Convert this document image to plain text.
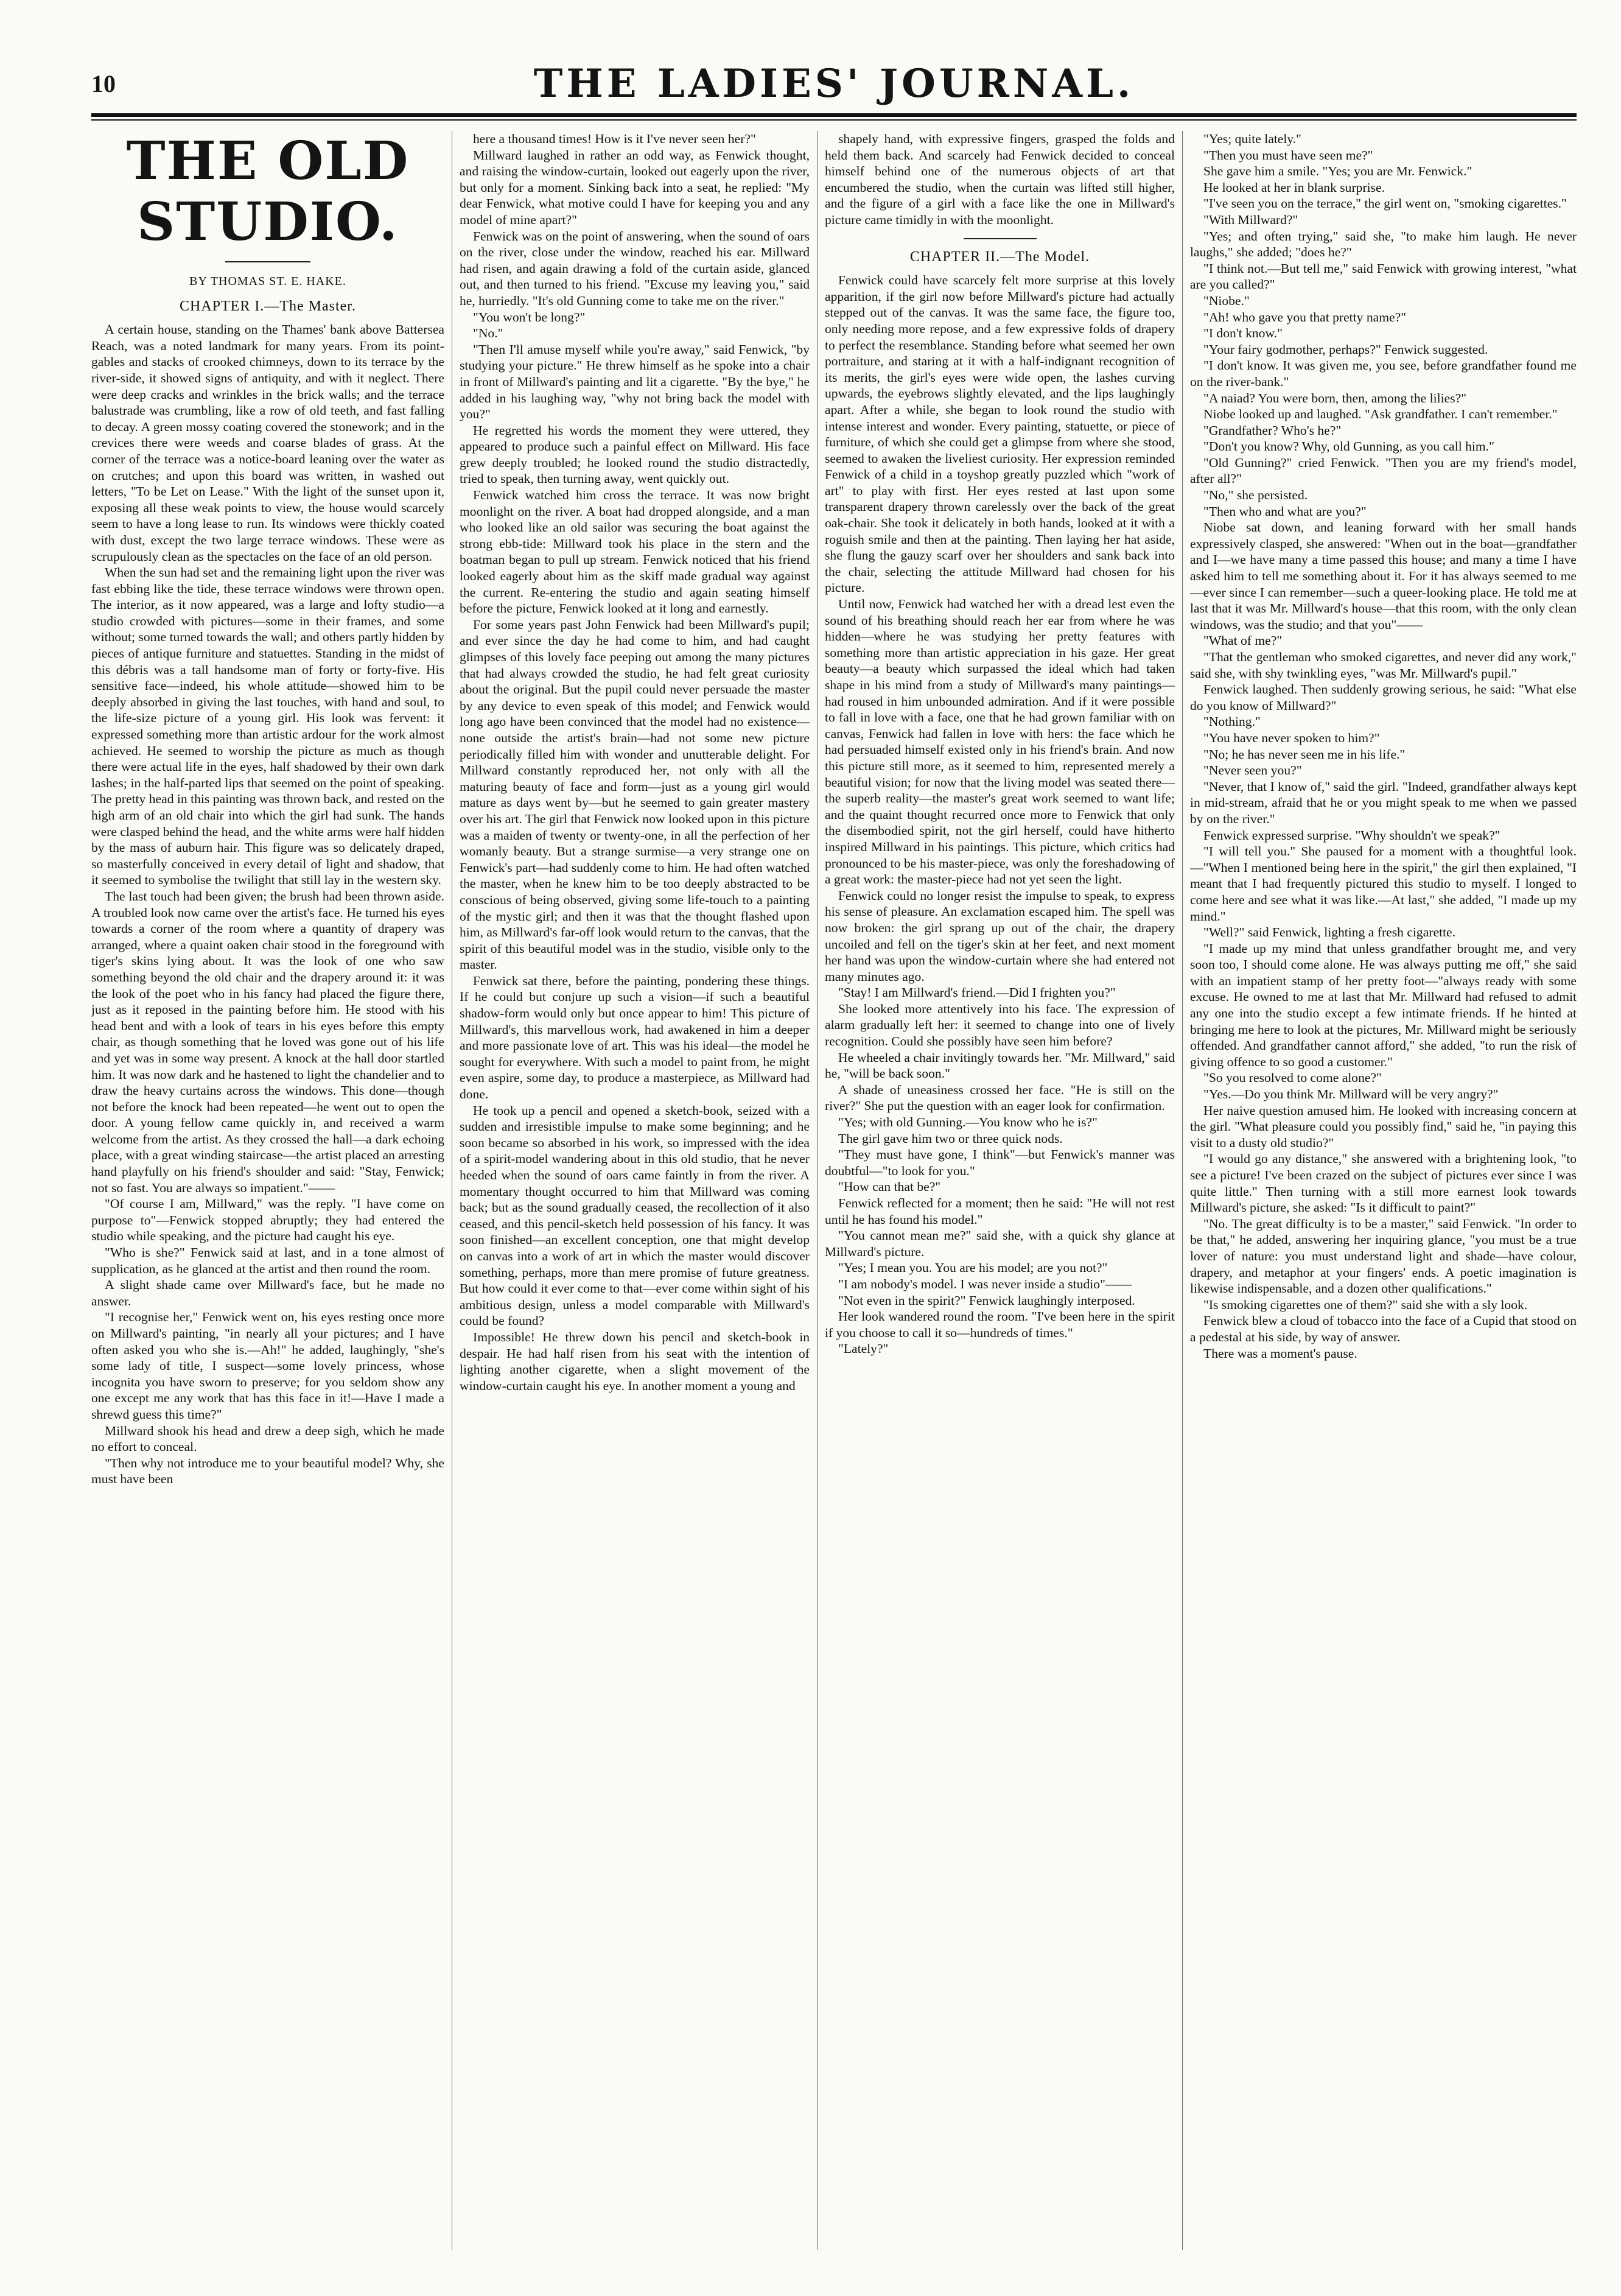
10	THE LADIES' JOURNAL.
THE OLD STUDIO.
BY THOMAS ST. E. HAKE.
CHAPTER I.—The Master.

A certain house, standing on the Thames' bank above Battersea Reach, was a noted landmark for many years. From its point-gables and stacks of crooked chimneys, down to its terrace by the river-side, it showed signs of antiquity, and with it neglect. There were deep cracks and wrinkles in the brick walls; and the terrace balustrade was crumbling, like a row of old teeth, and fast falling to decay. A green mossy coating covered the stonework; and in the crevices there were weeds and coarse blades of grass. At the corner of the terrace was a notice-board leaning over the water as on crutches; and upon this board was written, in washed out letters, "To be Let on Lease." With the light of the sunset upon it, exposing all these weak points to view, the house would scarcely seem to have a long lease to run. Its windows were thickly coated with dust, except the two large terrace windows. These were as scrupulously clean as the spectacles on the face of an old person.

When the sun had set and the remaining light upon the river was fast ebbing like the tide, these terrace windows were thrown open. The interior, as it now appeared, was a large and lofty studio—a studio crowded with pictures—some in their frames, and some without; some turned towards the wall; and others partly hidden by pieces of antique furniture and statuettes. Standing in the midst of this débris was a tall handsome man of forty or forty-five. His sensitive face—indeed, his whole attitude—showed him to be deeply absorbed in giving the last touches, with hand and soul, to the life-size picture of a young girl. His look was fervent: it expressed something more than artistic ardour for the work almost achieved. He seemed to worship the picture as much as though there were actual life in the eyes, half shadowed by their own dark lashes; in the half-parted lips that seemed on the point of speaking. The pretty head in this painting was thrown back, and rested on the high arm of an old chair into which the girl had sunk. The hands were clasped behind the head, and the white arms were half hidden by the mass of auburn hair. This figure was so delicately draped, so masterfully conceived in every detail of light and shadow, that it seemed to symbolise the twilight that still lay in the western sky.

The last touch had been given; the brush had been thrown aside. A troubled look now came over the artist's face. He turned his eyes towards a corner of the room where a quantity of drapery was arranged, where a quaint oaken chair stood in the foreground with tiger's skins lying about. It was the look of one who saw something beyond the old chair and the drapery around it: it was the look of the poet who in his fancy had placed the figure there, just as it reposed in the painting before him. He stood with his head bent and with a look of tears in his eyes before this empty chair, as though something that he loved was gone out of his life and yet was in some way present. A knock at the hall door startled him. It was now dark and he hastened to light the chandelier and to draw the heavy curtains across the windows. This done—though not before the knock had been repeated—he went out to open the door. A young fellow came quickly in, and received a warm welcome from the artist. As they crossed the hall—a dark echoing place, with a great winding staircase—the artist placed an arresting hand playfully on his friend's shoulder and said: "Stay, Fenwick; not so fast. You are always so impatient."——

"Of course I am, Millward," was the reply. "I have come on purpose to"—Fenwick stopped abruptly; they had entered the studio while speaking, and the picture had caught his eye.

"Who is she?" Fenwick said at last, and in a tone almost of supplication, as he glanced at the artist and then round the room.

A slight shade came over Millward's face, but he made no answer.

"I recognise her," Fenwick went on, his eyes resting once more on Millward's painting, "in nearly all your pictures; and I have often asked you who she is.—Ah!" he added, laughingly, "she's some lady of title, I suspect—some lovely princess, whose incognita you have sworn to preserve; for you seldom show any one except me any work that has this face in it!—Have I made a shrewd guess this time?"

Millward shook his head and drew a deep sigh, which he made no effort to conceal.

"Then why not introduce me to your beautiful model? Why, she must have been

here a thousand times! How is it I've never seen her?"

Millward laughed in rather an odd way, as Fenwick thought, and raising the window-curtain, looked out eagerly upon the river, but only for a moment. Sinking back into a seat, he replied: "My dear Fenwick, what motive could I have for keeping you and any model of mine apart?"

Fenwick was on the point of answering, when the sound of oars on the river, close under the window, reached his ear. Millward had risen, and again drawing a fold of the curtain aside, glanced out, and then turned to his friend. "Excuse my leaving you," said he, hurriedly. "It's old Gunning come to take me on the river."

"You won't be long?"

"No."

"Then I'll amuse myself while you're away," said Fenwick, "by studying your picture." He threw himself as he spoke into a chair in front of Millward's painting and lit a cigarette. "By the bye," he added in his laughing way, "why not bring back the model with you?"

He regretted his words the moment they were uttered, they appeared to produce such a painful effect on Millward. His face grew deeply troubled; he looked round the studio distractedly, tried to speak, then turning away, went quickly out.

Fenwick watched him cross the terrace. It was now bright moonlight on the river. A boat had dropped alongside, and a man who looked like an old sailor was securing the boat against the strong ebb-tide: Millward took his place in the stern and the boatman began to pull up stream. Fenwick noticed that his friend looked eagerly about him as the skiff made gradual way against the current. Re-entering the studio and again seating himself before the picture, Fenwick looked at it long and earnestly.

For some years past John Fenwick had been Millward's pupil; and ever since the day he had come to him, and had caught glimpses of this lovely face peeping out among the many pictures that had always crowded the studio, he had felt great curiosity about the original. But the pupil could never persuade the master by any device to even speak of this model; and Fenwick would long ago have been convinced that the model had no existence—none outside the artist's brain—had not some new picture periodically filled him with wonder and unutterable delight. For Millward constantly reproduced her, not only with all the maturing beauty of face and form—just as a young girl would mature as days went by—but he seemed to gain greater mastery over his art. The girl that Fenwick now looked upon in this picture was a maiden of twenty or twenty-one, in all the perfection of her womanly beauty. But a strange surmise—a very strange one on Fenwick's part—had suddenly come to him. He had often watched the master, when he knew him to be too deeply abstracted to be conscious of being observed, giving some life-touch to a painting of the mystic girl; and then it was that the thought flashed upon him, as Millward's far-off look would return to the canvas, that the spirit of this beautiful model was in the studio, visible only to the master.

Fenwick sat there, before the painting, pondering these things. If he could but conjure up such a vision—if such a beautiful shadow-form would only but once appear to him! This picture of Millward's, this marvellous work, had awakened in him a deeper and more passionate love of art. This was his ideal—the model he sought for everywhere. With such a model to paint from, he might even aspire, some day, to produce a masterpiece, as Millward had done.

He took up a pencil and opened a sketch-book, seized with a sudden and irresistible impulse to make some beginning; and he soon became so absorbed in his work, so impressed with the idea of a spirit-model wandering about in this old studio, that he never heeded when the sound of oars came faintly in from the river. A momentary thought occurred to him that Millward was coming back; but as the sound gradually ceased, the recollection of it also ceased, and this pencil-sketch held possession of his fancy. It was soon finished—an excellent conception, one that might develop on canvas into a work of art in which the master would discover something, perhaps, more than mere promise of future greatness. But how could it ever come to that—ever come within sight of his ambitious design, unless a model comparable with Millward's could be found?

Impossible! He threw down his pencil and sketch-book in despair. He had half risen from his seat with the intention of lighting another cigarette, when a slight movement of the window-curtain caught his eye. In another moment a young and

shapely hand, with expressive fingers, grasped the folds and held them back. And scarcely had Fenwick decided to conceal himself behind one of the numerous objects of art that encumbered the studio, when the curtain was lifted still higher, and the figure of a girl with a face like the one in Millward's picture came timidly in with the moonlight.

CHAPTER II.—The Model.

Fenwick could have scarcely felt more surprise at this lovely apparition, if the girl now before Millward's picture had actually stepped out of the canvas. It was the same face, the figure too, only needing more repose, and a few expressive folds of drapery to perfect the resemblance. Standing before what seemed her own portraiture, and staring at it with a half-indignant recognition of its merits, the girl's eyes were wide open, the lashes curving upwards, the eyebrows slightly elevated, and the lips laughingly apart. After a while, she began to look round the studio with intense interest and wonder. Every painting, statuette, or piece of furniture, of which she could get a glimpse from where she stood, seemed to awaken the liveliest curiosity. Her expression reminded Fenwick of a child in a toyshop greatly puzzled which "work of art" to play with first. Her eyes rested at last upon some transparent drapery thrown carelessly over the back of the great oak-chair. She took it delicately in both hands, looked at it with a roguish smile and then at the painting. Then laying her hat aside, she flung the gauzy scarf over her shoulders and sank back into the chair, selecting the attitude Millward had chosen for his picture.

Until now, Fenwick had watched her with a dread lest even the sound of his breathing should reach her ear from where he was hidden—where he was studying her pretty features with something more than artistic appreciation in his gaze. Her great beauty—a beauty which surpassed the ideal which had taken shape in his mind from a study of Millward's many paintings—had roused in him unbounded admiration. And if it were possible to fall in love with a face, one that he had grown familiar with on canvas, Fenwick had fallen in love with hers: the face which he had persuaded himself existed only in his friend's brain. And now this picture still more, as it seemed to him, represented merely a beautiful vision; for now that the living model was seated there—the superb reality—the master's great work seemed to want life; and the quaint thought recurred once more to Fenwick that only the disembodied spirit, not the girl herself, could have hitherto inspired Millward in his paintings. This picture, which critics had pronounced to be his master-piece, was only the foreshadowing of a great work: the master-piece had not yet seen the light.

Fenwick could no longer resist the impulse to speak, to express his sense of pleasure. An exclamation escaped him. The spell was now broken: the girl sprang up out of the chair, the drapery uncoiled and fell on the tiger's skin at her feet, and next moment her hand was upon the window-curtain where she had entered not many minutes ago.

"Stay! I am Millward's friend.—Did I frighten you?"

She looked more attentively into his face. The expression of alarm gradually left her: it seemed to change into one of lively recognition. Could she possibly have seen him before?

He wheeled a chair invitingly towards her. "Mr. Millward," said he, "will be back soon."

A shade of uneasiness crossed her face. "He is still on the river?" She put the question with an eager look for confirmation.

"Yes; with old Gunning.—You know who he is?"

The girl gave him two or three quick nods.

"They must have gone, I think"—but Fenwick's manner was doubtful—"to look for you."

"How can that be?"

Fenwick reflected for a moment; then he said: "He will not rest until he has found his model."

"You cannot mean me?" said she, with a quick shy glance at Millward's picture.

"Yes; I mean you. You are his model; are you not?"

"I am nobody's model. I was never inside a studio"——

"Not even in the spirit?" Fenwick laughingly interposed.

Her look wandered round the room. "I've been here in the spirit if you choose to call it so—hundreds of times."

"Lately?"

"Yes; quite lately."

"Then you must have seen me?"

She gave him a smile. "Yes; you are Mr. Fenwick."

He looked at her in blank surprise.

"I've seen you on the terrace," the girl went on, "smoking cigarettes."

"With Millward?"

"Yes; and often trying," said she, "to make him laugh. He never laughs," she added; "does he?"

"I think not.—But tell me," said Fenwick with growing interest, "what are you called?"

"Niobe."

"Ah! who gave you that pretty name?"

"I don't know."

"Your fairy godmother, perhaps?" Fenwick suggested.

"I don't know. It was given me, you see, before grandfather found me on the river-bank."

"A naiad? You were born, then, among the lilies?"

Niobe looked up and laughed. "Ask grandfather. I can't remember."

"Grandfather? Who's he?"

"Don't you know? Why, old Gunning, as you call him."

"Old Gunning?" cried Fenwick. "Then you are my friend's model, after all?"

"No," she persisted.

"Then who and what are you?"

Niobe sat down, and leaning forward with her small hands expressively clasped, she answered: "When out in the boat—grandfather and I—we have many a time passed this house; and many a time I have asked him to tell me something about it. For it has always seemed to me—ever since I can remember—such a queer-looking place. He told me at last that it was Mr. Millward's house—that this room, with the only clean windows, was the studio; and that you"——

"What of me?"

"That the gentleman who smoked cigarettes, and never did any work," said she, with shy twinkling eyes, "was Mr. Millward's pupil."

Fenwick laughed. Then suddenly growing serious, he said: "What else do you know of Millward?"

"Nothing."

"You have never spoken to him?"

"No; he has never seen me in his life."

"Never seen you?"

"Never, that I know of," said the girl. "Indeed, grandfather always kept in mid-stream, afraid that he or you might speak to me when we passed by on the river."

Fenwick expressed surprise. "Why shouldn't we speak?"

"I will tell you." She paused for a moment with a thoughtful look.—"When I mentioned being here in the spirit," the girl then explained, "I meant that I had frequently pictured this studio to myself. I longed to come here and see what it was like.—At last," she added, "I made up my mind."

"Well?" said Fenwick, lighting a fresh cigarette.

"I made up my mind that unless grandfather brought me, and very soon too, I should come alone. He was always putting me off," she said with an impatient stamp of her pretty foot—"always ready with some excuse. He owned to me at last that Mr. Millward had refused to admit any one into the studio except a few intimate friends. If he hinted at bringing me here to look at the pictures, Mr. Millward might be seriously offended. And grandfather cannot afford," she added, "to run the risk of giving offence to so good a customer."

"So you resolved to come alone?"

"Yes.—Do you think Mr. Millward will be very angry?"

Her naive question amused him. He looked with increasing concern at the girl. "What pleasure could you possibly find," said he, "in paying this visit to a dusty old studio?"

"I would go any distance," she answered with a brightening look, "to see a picture! I've been crazed on the subject of pictures ever since I was quite little." Then turning with a still more earnest look towards Millward's picture, she asked: "Is it difficult to paint?"

"No. The great difficulty is to be a master," said Fenwick. "In order to be that," he added, answering her inquiring glance, "you must be a true lover of nature: you must understand light and shade—have colour, drapery, and metaphor at your fingers' ends. A poetic imagination is likewise indispensable, and a dozen other qualifications."

"Is smoking cigarettes one of them?" said she with a sly look.

Fenwick blew a cloud of tobacco into the face of a Cupid that stood on a pedestal at his side, by way of answer.

There was a moment's pause.
